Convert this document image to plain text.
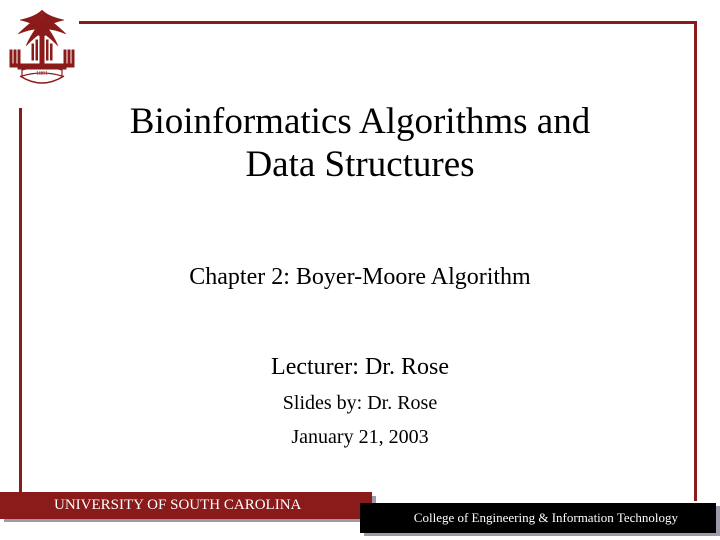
1801
Bioinformatics Algorithms and
Data Structures
Chapter 2: Boyer-Moore Algorithm
Lecturer: Dr. Rose
Slides by: Dr. Rose
January 21, 2003
UNIVERSITY OF SOUTH CAROLINA
College of Engineering & Information Technology
